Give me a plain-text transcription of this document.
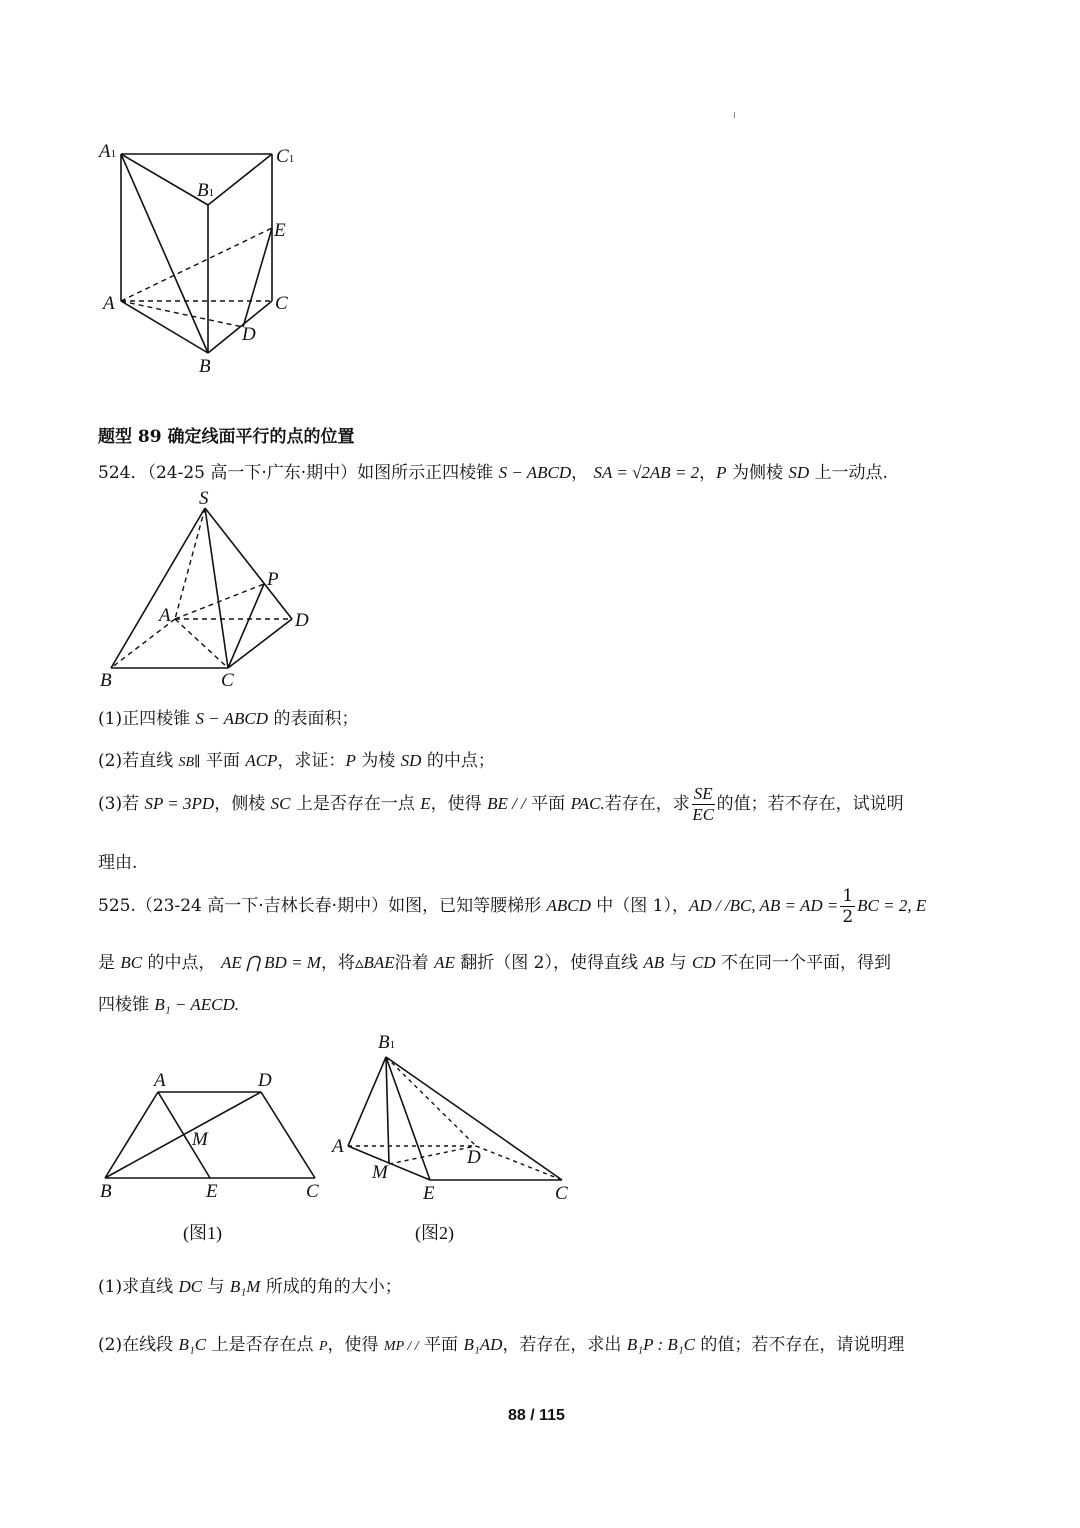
A1	C1
B1
E
A	C
D
B
题型 89 确定线面平行的点的位置
524．（24-25 高一下·广东·期中）如图所示正四棱锥 S − ABCD， SA = √2AB = 2，P 为侧棱 SD 上一动点.
S
P
A	D
B	C
(1)正四棱锥 S − ABCD 的表面积；
(2)若直线 SB∥ 平面 ACP，求证：P 为棱 SD 的中点；
(3)若 SP = 3PD，侧棱 SC 上是否存在一点 E，使得 BE / / 平面 PAC.若存在，求 $\frac{SE}{EC}$ 的值；若不存在，试说明
理由.
525.（23-24 高一下·吉林长春·期中）如图，已知等腰梯形 ABCD 中（图 1），AD / /BC, AB = AD = $\frac{1}{2}$ BC = 2, E
是 BC 的中点， AE ⋂ BD = M，将▵BAE沿着 AE 翻折（图 2），使得直线 AB 与 CD 不在同一个平面，得到
四棱锥 B₁ − AECD.
A	D
M
B	E	C
(图1)
B1
A
D
M
E	C
(图2)
(1)求直线 DC 与 B₁M 所成的角的大小；
(2)在线段 B₁C 上是否存在点 P，使得 MP / / 平面 B₁AD，若存在，求出 B₁P : B₁C 的值；若不存在，请说明理
88 / 115
